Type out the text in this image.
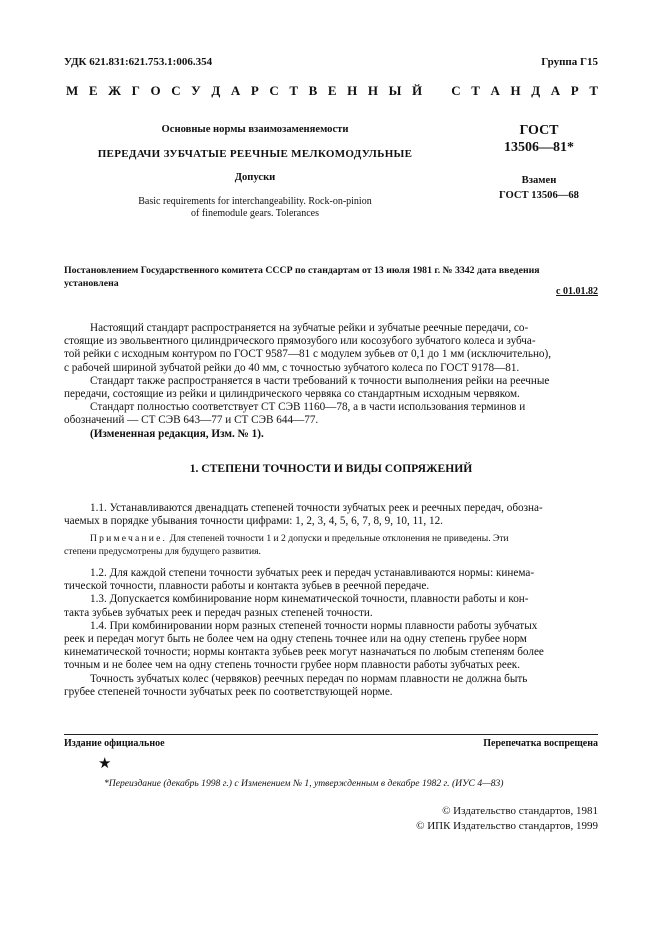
УДК 621.831:621.753.1:006.354	Группа Г15
М Е Ж Г О С У Д А Р С Т В Е Н Н Ы Й С Т А Н Д А Р Т
Основные нормы взаимозаменяемости
ПЕРЕДАЧИ ЗУБЧАТЫЕ РЕЕЧНЫЕ МЕЛКОМОДУЛЬНЫЕ
Допуски
Basic requirements for interchangeability. Rock-on-pinion
of finemodule gears. Tolerances
ГОСТ
13506—81*
Взамен
ГОСТ 13506—68
Постановлением Государственного комитета СССР по стандартам от 13 июля 1981 г. № 3342 дата введения
установлена
с 01.01.82

Настоящий стандарт распространяется на зубчатые рейки и зубчатые реечные передачи, со-

стоящие из эвольвентного цилиндрического прямозубого или косозубого зубчатого колеса и зубча-

той рейки с исходным контуром по ГОСТ 9587—81 с модулем зубьев от 0,1 до 1 мм (исключительно),

с рабочей шириной зубчатой рейки до 40 мм, с точностью зубчатого колеса по ГОСТ 9178—81.

Стандарт также распространяется в части требований к точности выполнения рейки на реечные

передачи, состоящие из рейки и цилиндрического червяка со стандартным исходным червяком.

Стандарт полностью соответствует СТ СЭВ 1160—78, а в части использования терминов и

обозначений — СТ СЭВ 643—77 и СТ СЭВ 644—77.

(Измененная редакция, Изм. № 1).

1. СТЕПЕНИ ТОЧНОСТИ И ВИДЫ СОПРЯЖЕНИЙ

1.1. Устанавливаются двенадцать степеней точности зубчатых реек и реечных передач, обозна-

чаемых в порядке убывания точности цифрами: 1, 2, 3, 4, 5, 6, 7, 8, 9, 10, 11, 12.

Примечание. Для степеней точности 1 и 2 допуски и предельные отклонения не приведены. Эти

степени предусмотрены для будущего развития.

1.2. Для каждой степени точности зубчатых реек и передач устанавливаются нормы: кинема-

тической точности, плавности работы и контакта зубьев в реечной передаче.

1.3. Допускается комбинирование норм кинематической точности, плавности работы и кон-

такта зубьев зубчатых реек и передач разных степеней точности.

1.4. При комбинировании норм разных степеней точности нормы плавности работы зубчатых

реек и передач могут быть не более чем на одну степень точнее или на одну степень грубее норм

кинематической точности; нормы контакта зубьев реек могут назначаться по любым степеням более

точным и не более чем на одну степень точности грубее норм плавности работы зубчатых реек.

Точность зубчатых колес (червяков) реечных передач по нормам плавности не должна быть

грубее степеней точности зубчатых реек по соответствующей норме.

Издание официальное	Перепечатка воспрещена
★
*Переиздание (декабрь 1998 г.) с Изменением № 1, утвержденным в декабре 1982 г. (ИУС 4—83)
© Издательство стандартов, 1981
© ИПК Издательство стандартов, 1999
